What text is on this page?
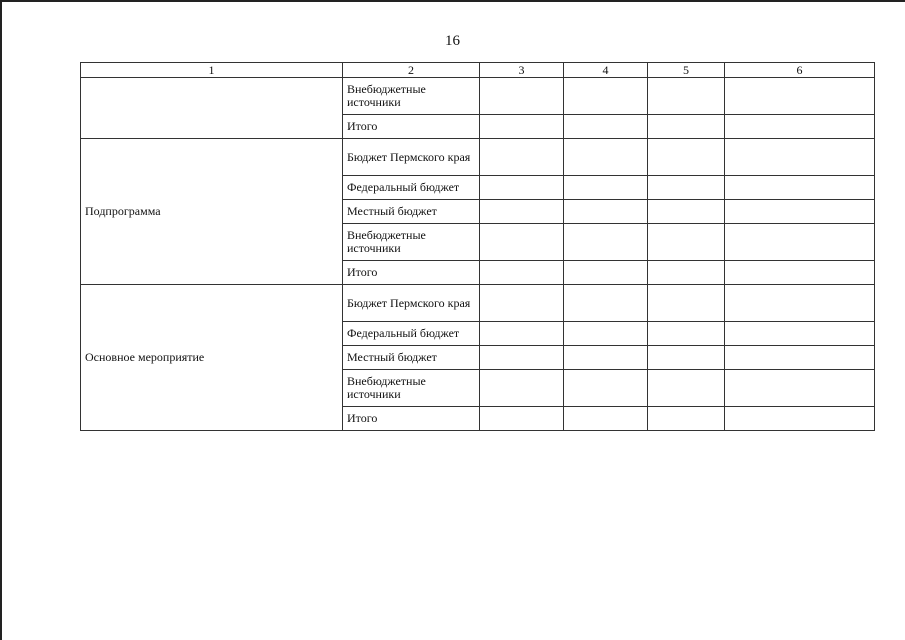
16
1	2	3	4	5	6
	Внебюджетные источники				
	Итого				
Подпрограмма	Бюджет Пермского края				
	Федеральный бюджет				
	Местный бюджет				
	Внебюджетные источники				
	Итого				
Основное мероприятие	Бюджет Пермского края				
	Федеральный бюджет				
	Местный бюджет				
	Внебюджетные источники				
	Итого				
